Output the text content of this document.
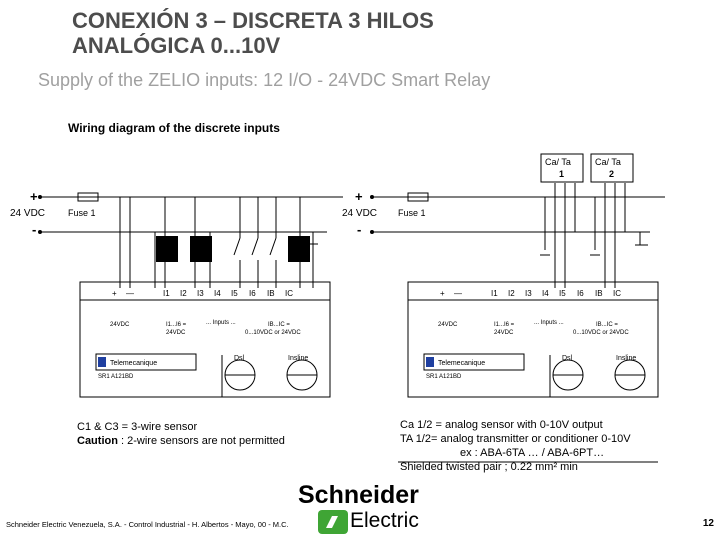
CONEXIÓN 3 – DISCRETA 3 HILOS
ANALÓGICA 0...10V
Supply of the ZELIO inputs: 12 I/O - 24VDC Smart Relay
Wiring diagram of the discrete inputs
+
24 VDC
-
Fuse 1
+ —	I1 I2 I3 I4 I5 I6 IB IC
24VDC	I1...I6 =
24VDC
... Inputs ...	IB...IC =
0...10VDC or 24VDC
Telemecanique
SR1 A121BD
Dsl	Insline
+
24 VDC
-
Fuse 1
Ca/ Ta
1
Ca/ Ta
2
+ —	I1 I2 I3 I4 I5 I6 IB IC
24VDC	I1...I6 =
24VDC
... Inputs ...	IB...IC =
0...10VDC or 24VDC
Telemecanique
SR1 A121BD
Dsl	Insline
C1 & C3 = 3-wire sensor
Caution : 2-wire sensors are not permitted
Ca 1/2 = analog sensor with 0-10V output
TA 1/2= analog transmitter or conditioner 0-10V
ex : ABA-6TA … / ABA-6PT…
Shielded twisted pair ; 0.22 mm² min
Schneider
Electric
Schneider Electric Venezuela, S.A. - Control Industrial - H. Albertos - Mayo, 00 - M.C.	12
